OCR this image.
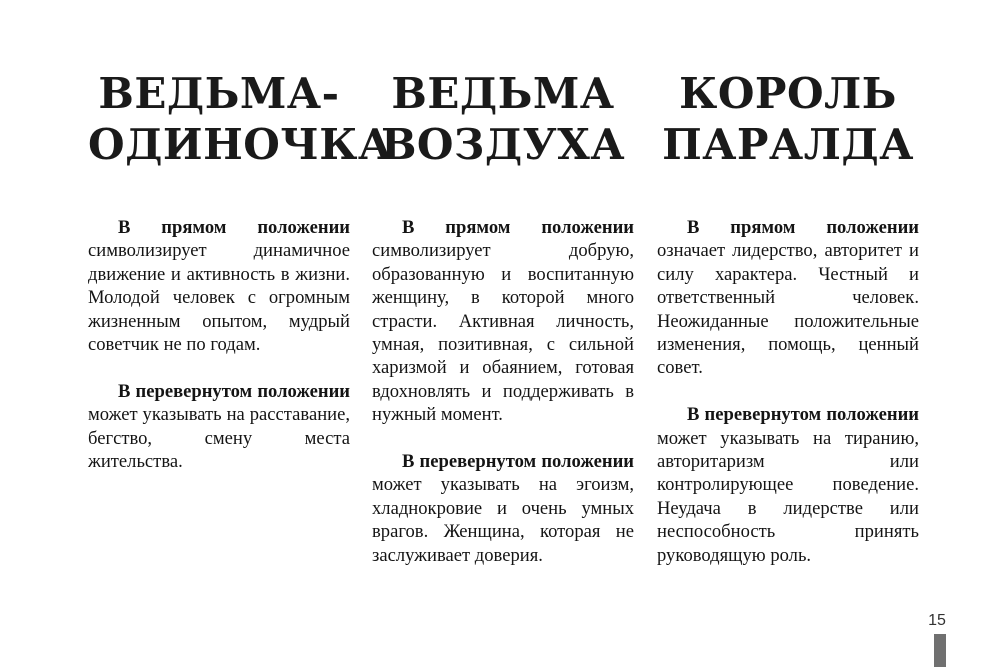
ВЕДЬМА-
ОДИНОЧКА
ВЕДЬМА
ВОЗДУХА
КОРОЛЬ
ПАРАЛДА

В прямом положении символизирует динамичное движение и активность в жизни. Молодой человек с огромным жизненным опытом, мудрый советчик не по годам.

В перевернутом положении может указывать на расставание, бегство, смену места жительства.

В прямом положении символизирует добрую, образованную и воспитанную женщину, в которой много страсти. Активная личность, умная, позитивная, с сильной харизмой и обаянием, готовая вдохновлять и поддерживать в нужный момент.

В перевернутом положении может указывать на эгоизм, хладнокровие и очень умных врагов. Женщина, которая не заслуживает доверия.

В прямом положении означает лидерство, авторитет и силу характера. Честный и ответственный человек. Неожиданные положительные изменения, помощь, ценный совет.

В перевернутом положении может указывать на тиранию, авторитаризм или контролирующее поведение. Неудача в лидерстве или неспособность принять руководящую роль.

15
